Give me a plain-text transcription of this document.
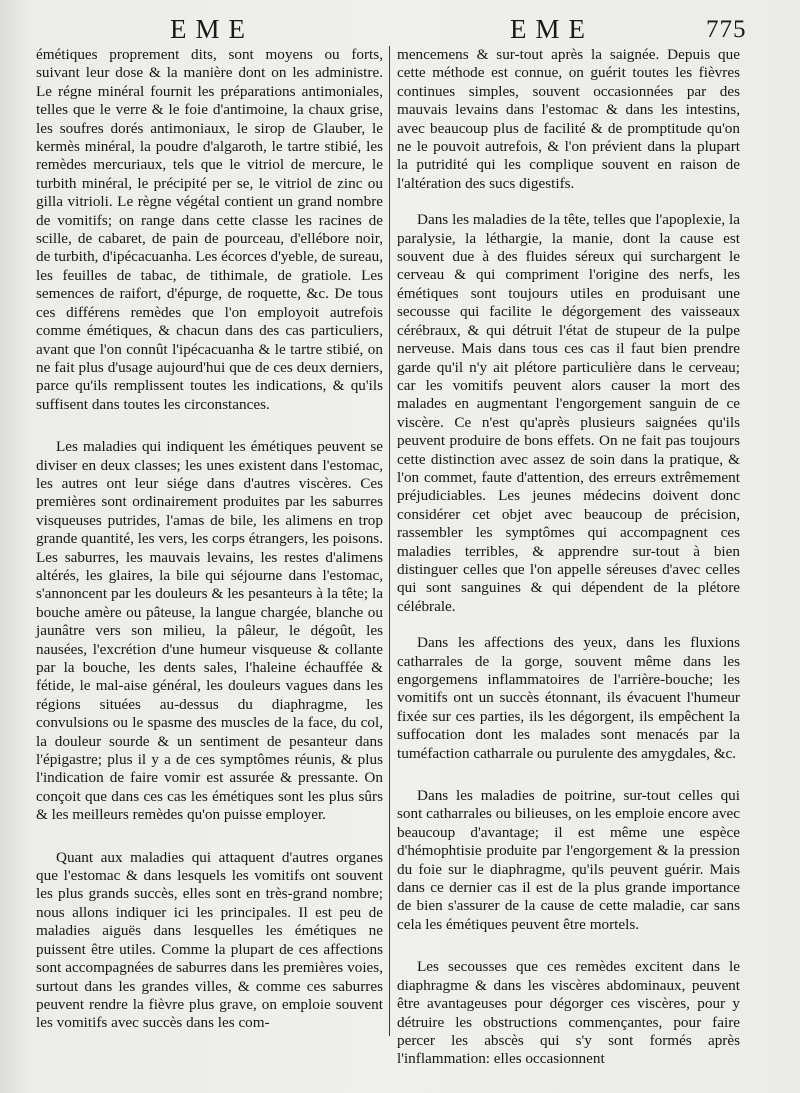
EME	EME	775

émétiques proprement dits, sont moyens ou forts, suivant leur dose & la manière dont on les administre. Le régne minéral fournit les préparations antimoniales, telles que le verre & le foie d'antimoine, la chaux grise, les soufres dorés antimoniaux, le sirop de Glauber, le kermès minéral, la poudre d'algaroth, le tartre stibié, les remèdes mercuriaux, tels que le vitriol de mercure, le turbith minéral, le précipité per se, le vitriol de zinc ou gilla vitrioli. Le règne végétal contient un grand nombre de vomitifs; on range dans cette classe les racines de scille, de cabaret, de pain de pourceau, d'ellébore noir, de turbith, d'ipécacuanha. Les écorces d'yeble, de sureau, les feuilles de tabac, de tithimale, de gratiole. Les semences de raifort, d'épurge, de roquette, &c. De tous ces différens remèdes que l'on employoit autrefois comme émétiques, & chacun dans des cas particuliers, avant que l'on connût l'ipécacuanha & le tartre stibié, on ne fait plus d'usage aujourd'hui que de ces deux derniers, parce qu'ils remplissent toutes les indications, & qu'ils suffisent dans toutes les circonstances.

Les maladies qui indiquent les émétiques peuvent se diviser en deux classes; les unes existent dans l'estomac, les autres ont leur siége dans d'autres viscères. Ces premières sont ordinairement produites par les saburres visqueuses putrides, l'amas de bile, les alimens en trop grande quantité, les vers, les corps étrangers, les poisons. Les saburres, les mauvais levains, les restes d'alimens altérés, les glaires, la bile qui séjourne dans l'estomac, s'annoncent par les douleurs & les pesanteurs à la tête; la bouche amère ou pâteuse, la langue chargée, blanche ou jaunâtre vers son milieu, la pâleur, le dégoût, les nausées, l'excrétion d'une humeur visqueuse & collante par la bouche, les dents sales, l'haleine échauffée & fétide, le mal-aise général, les douleurs vagues dans les régions situées au-dessus du diaphragme, les convulsions ou le spasme des muscles de la face, du col, la douleur sourde & un sentiment de pesanteur dans l'épigastre; plus il y a de ces symptômes réunis, & plus l'indication de faire vomir est assurée & pressante. On conçoit que dans ces cas les émétiques sont les plus sûrs & les meilleurs remèdes qu'on puisse employer.

Quant aux maladies qui attaquent d'autres organes que l'estomac & dans lesquels les vomitifs ont souvent les plus grands succès, elles sont en très-grand nombre; nous allons indiquer ici les principales. Il est peu de maladies aiguës dans lesquelles les émétiques ne puissent être utiles. Comme la plupart de ces affections sont accompagnées de saburres dans les premières voies, surtout dans les grandes villes, & comme ces saburres peuvent rendre la fièvre plus grave, on emploie souvent les vomitifs avec succès dans les com-

mencemens & sur-tout après la saignée. Depuis que cette méthode est connue, on guérit toutes les fièvres continues simples, souvent occasionnées par des mauvais levains dans l'estomac & dans les intestins, avec beaucoup plus de facilité & de promptitude qu'on ne le pouvoit autrefois, & l'on prévient dans la plupart la putridité qui les complique souvent en raison de l'altération des sucs digestifs.

Dans les maladies de la tête, telles que l'apoplexie, la paralysie, la léthargie, la manie, dont la cause est souvent due à des fluides séreux qui surchargent le cerveau & qui compriment l'origine des nerfs, les émétiques sont toujours utiles en produisant une secousse qui facilite le dégorgement des vaisseaux cérébraux, & qui détruit l'état de stupeur de la pulpe nerveuse. Mais dans tous ces cas il faut bien prendre garde qu'il n'y ait plétore particulière dans le cerveau; car les vomitifs peuvent alors causer la mort des malades en augmentant l'engorgement sanguin de ce viscère. Ce n'est qu'après plusieurs saignées qu'ils peuvent produire de bons effets. On ne fait pas toujours cette distinction avec assez de soin dans la pratique, & l'on commet, faute d'attention, des erreurs extrêmement préjudiciables. Les jeunes médecins doivent donc considérer cet objet avec beaucoup de précision, rassembler les symptômes qui accompagnent ces maladies terribles, & apprendre sur-tout à bien distinguer celles que l'on appelle séreuses d'avec celles qui sont sanguines & qui dépendent de la plétore célébrale.

Dans les affections des yeux, dans les fluxions catharrales de la gorge, souvent même dans les engorgemens inflammatoires de l'arrière-bouche; les vomitifs ont un succès étonnant, ils évacuent l'humeur fixée sur ces parties, ils les dégorgent, ils empêchent la suffocation dont les malades sont menacés par la tuméfaction catharrale ou purulente des amygdales, &c.

Dans les maladies de poitrine, sur-tout celles qui sont catharrales ou bilieuses, on les emploie encore avec beaucoup d'avantage; il est même une espèce d'hémophtisie produite par l'engorgement & la pression du foie sur le diaphragme, qu'ils peuvent guérir. Mais dans ce dernier cas il est de la plus grande importance de bien s'assurer de la cause de cette maladie, car sans cela les émétiques peuvent être mortels.

Les secousses que ces remèdes excitent dans le diaphragme & dans les viscères abdominaux, peuvent être avantageuses pour dégorger ces viscères, pour y détruire les obstructions commençantes, pour faire percer les abscès qui s'y sont formés après l'inflammation: elles occasionnent
